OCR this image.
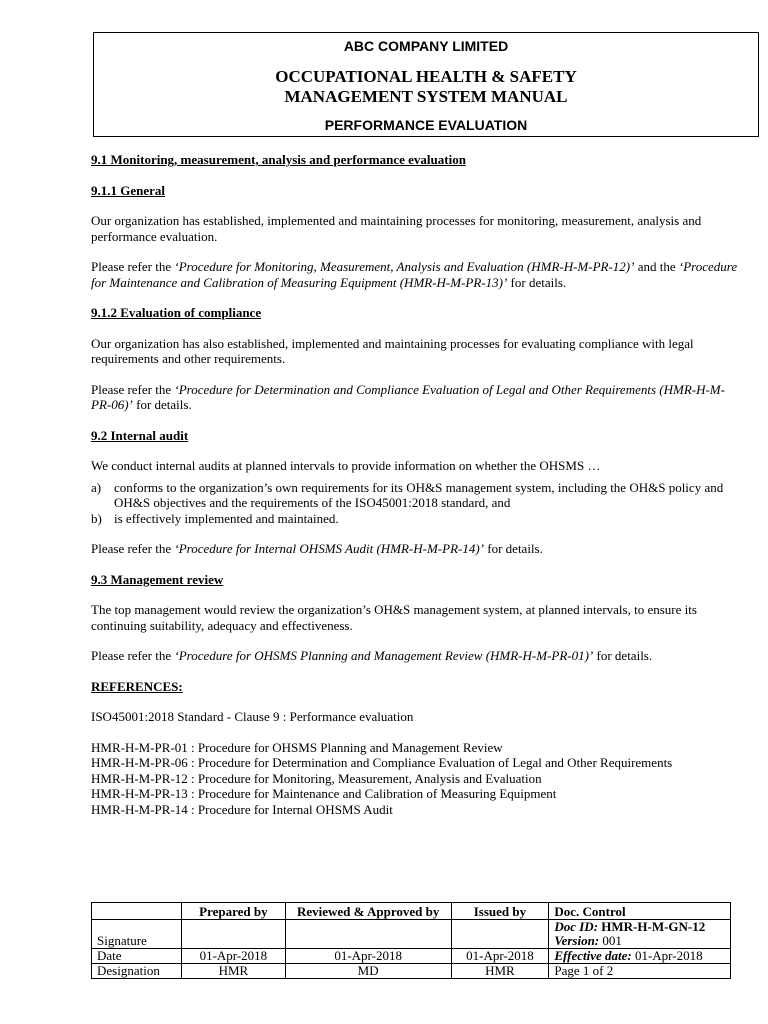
ABC COMPANY LIMITED
OCCUPATIONAL HEALTH & SAFETY
MANAGEMENT SYSTEM MANUAL
PERFORMANCE EVALUATION

9.1 Monitoring, measurement, analysis and performance evaluation

9.1.1 General

Our organization has established, implemented and maintaining processes for monitoring, measurement, analysis and performance evaluation.

Please refer the ‘Procedure for Monitoring, Measurement, Analysis and Evaluation (HMR-H-M-PR-12)’ and the ‘Procedure for Maintenance and Calibration of Measuring Equipment (HMR-H-M-PR-13)’ for details.

9.1.2 Evaluation of compliance

Our organization has also established, implemented and maintaining processes for evaluating compliance with legal requirements and other requirements.

Please refer the ‘Procedure for Determination and Compliance Evaluation of Legal and Other Requirements (HMR-H-M-PR-06)’ for details.

9.2 Internal audit

We conduct internal audits at planned intervals to provide information on whether the OHSMS …

a) conforms to the organization’s own requirements for its OH&S management system, including the OH&S policy and OH&S objectives and the requirements of the ISO45001:2018 standard, and
b) is effectively implemented and maintained.

Please refer the ‘Procedure for Internal OHSMS Audit (HMR-H-M-PR-14)’ for details.

9.3 Management review

The top management would review the organization’s OH&S management system, at planned intervals, to ensure its continuing suitability, adequacy and effectiveness.

Please refer the ‘Procedure for OHSMS Planning and Management Review (HMR-H-M-PR-01)’ for details.

REFERENCES:

ISO45001:2018 Standard - Clause 9 : Performance evaluation

HMR-H-M-PR-01 : Procedure for OHSMS Planning and Management Review
HMR-H-M-PR-06 : Procedure for Determination and Compliance Evaluation of Legal and Other Requirements
HMR-H-M-PR-12 : Procedure for Monitoring, Measurement, Analysis and Evaluation
HMR-H-M-PR-13 : Procedure for Maintenance and Calibration of Measuring Equipment
HMR-H-M-PR-14 : Procedure for Internal OHSMS Audit
	Prepared by	Reviewed & Approved by	Issued by	Doc. Control
Signature				Doc ID: HMR-H-M-GN-12
Version: 001

Date	01-Apr-2018	01-Apr-2018	01-Apr-2018	Effective date: 01-Apr-2018
Designation	HMR	MD	HMR	Page 1 of 2
